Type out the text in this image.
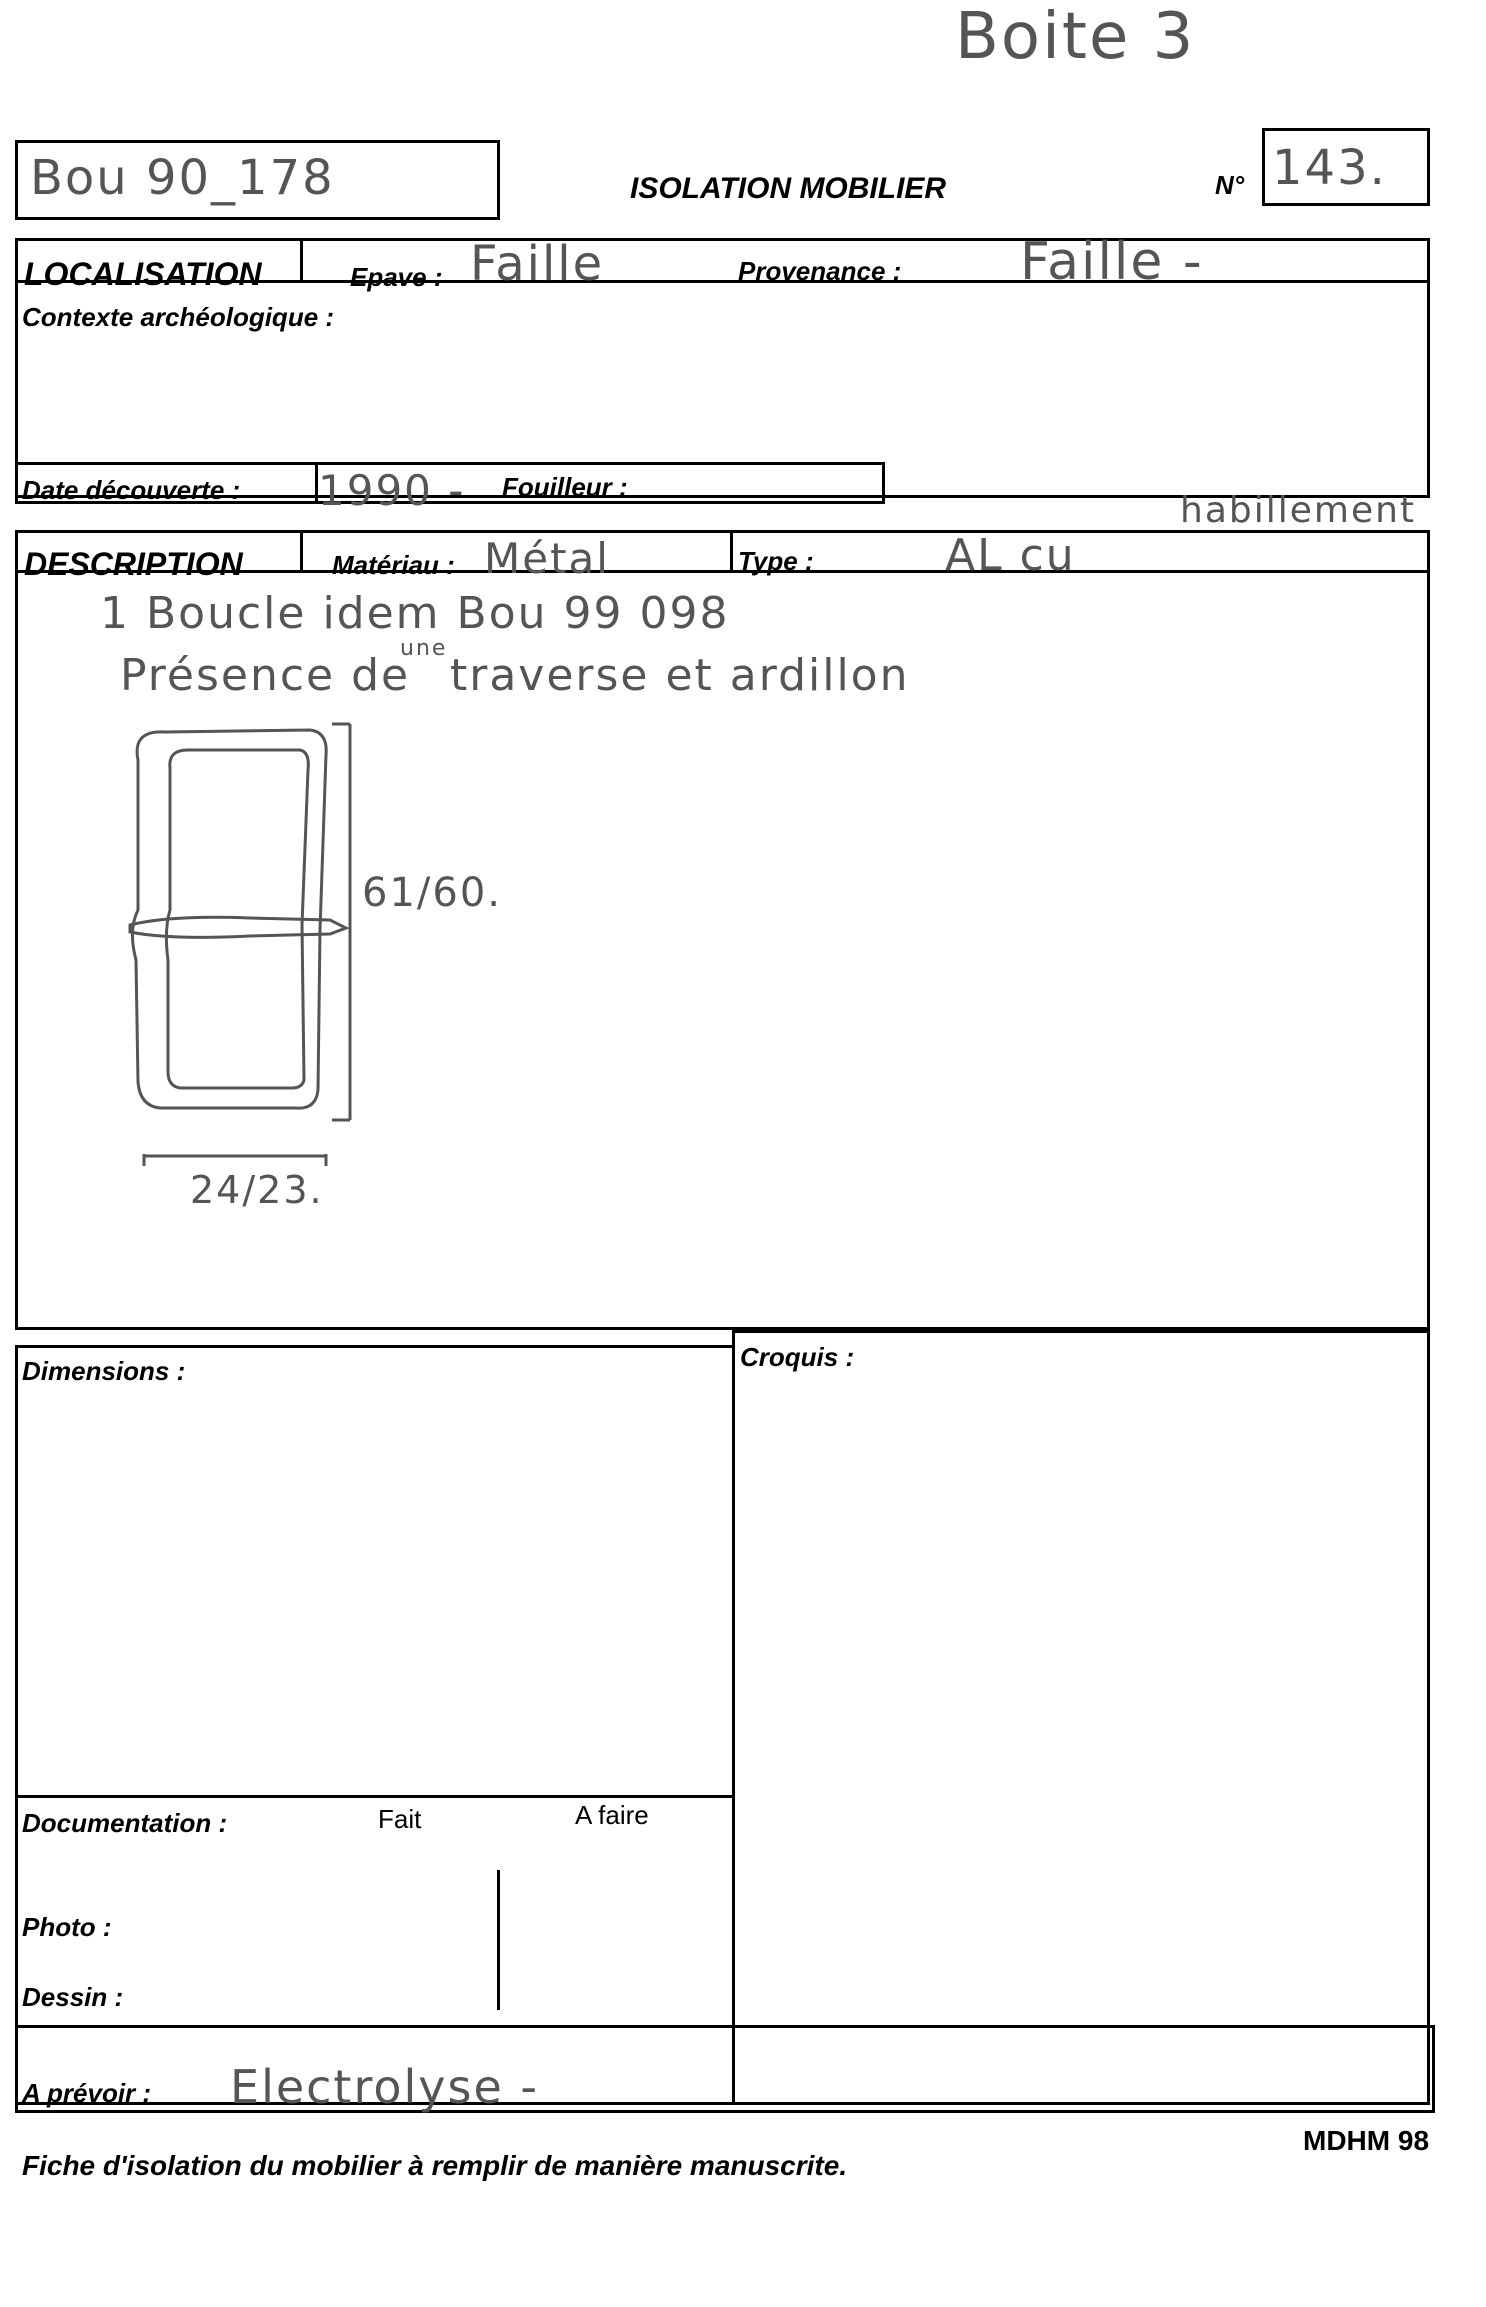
Boite 3
Bou 90_178	ISOLATION MOBILIER	N° 143.
LOCALISATION	Epave : Faille	Provenance : Faille -
Contexte archéologique :
Date découverte : 1990 - Fouilleur :
habillement
DESCRIPTION	Matériau : Métal	Type :	AL cu
1 Boucle idem Bou 99 098
Présence de
une
traverse et ardillon
61/60.
24/23.
Dimensions :	Croquis :
Documentation :	Fait	A faire
Photo :
Dessin :
A prévoir : Electrolyse -
Fiche d'isolation du mobilier à remplir de manière manuscrite.
MDHM 98
